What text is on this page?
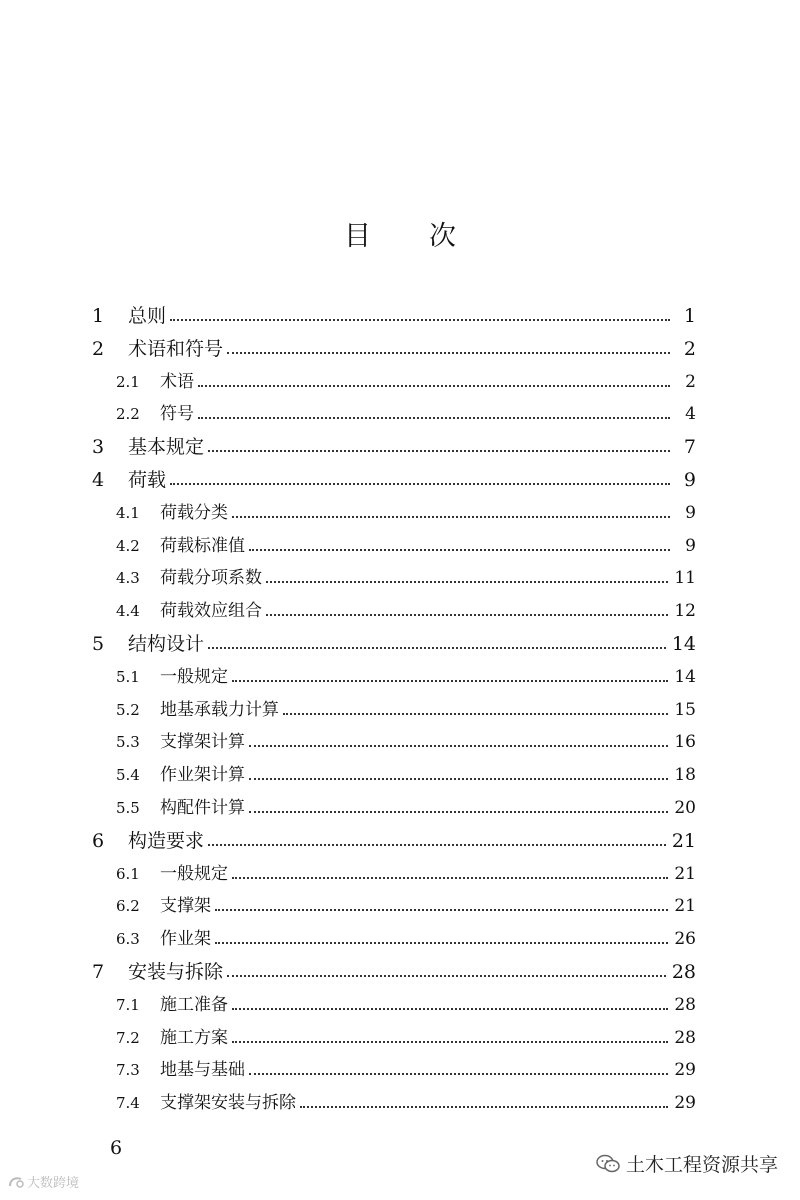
目 次
1	总则	1
2	术语和符号	2
2.1	术语	2
2.2	符号	4
3	基本规定	7
4	荷载	9
4.1	荷载分类	9
4.2	荷载标准值	9
4.3	荷载分项系数	11
4.4	荷载效应组合	12
5	结构设计	14
5.1	一般规定	14
5.2	地基承载力计算	15
5.3	支撑架计算	16
5.4	作业架计算	18
5.5	构配件计算	20
6	构造要求	21
6.1	一般规定	21
6.2	支撑架	21
6.3	作业架	26
7	安装与拆除	28
7.1	施工准备	28
7.2	施工方案	28
7.3	地基与基础	29
7.4	支撑架安装与拆除	29
6
大数跨境
土木工程资源共享
